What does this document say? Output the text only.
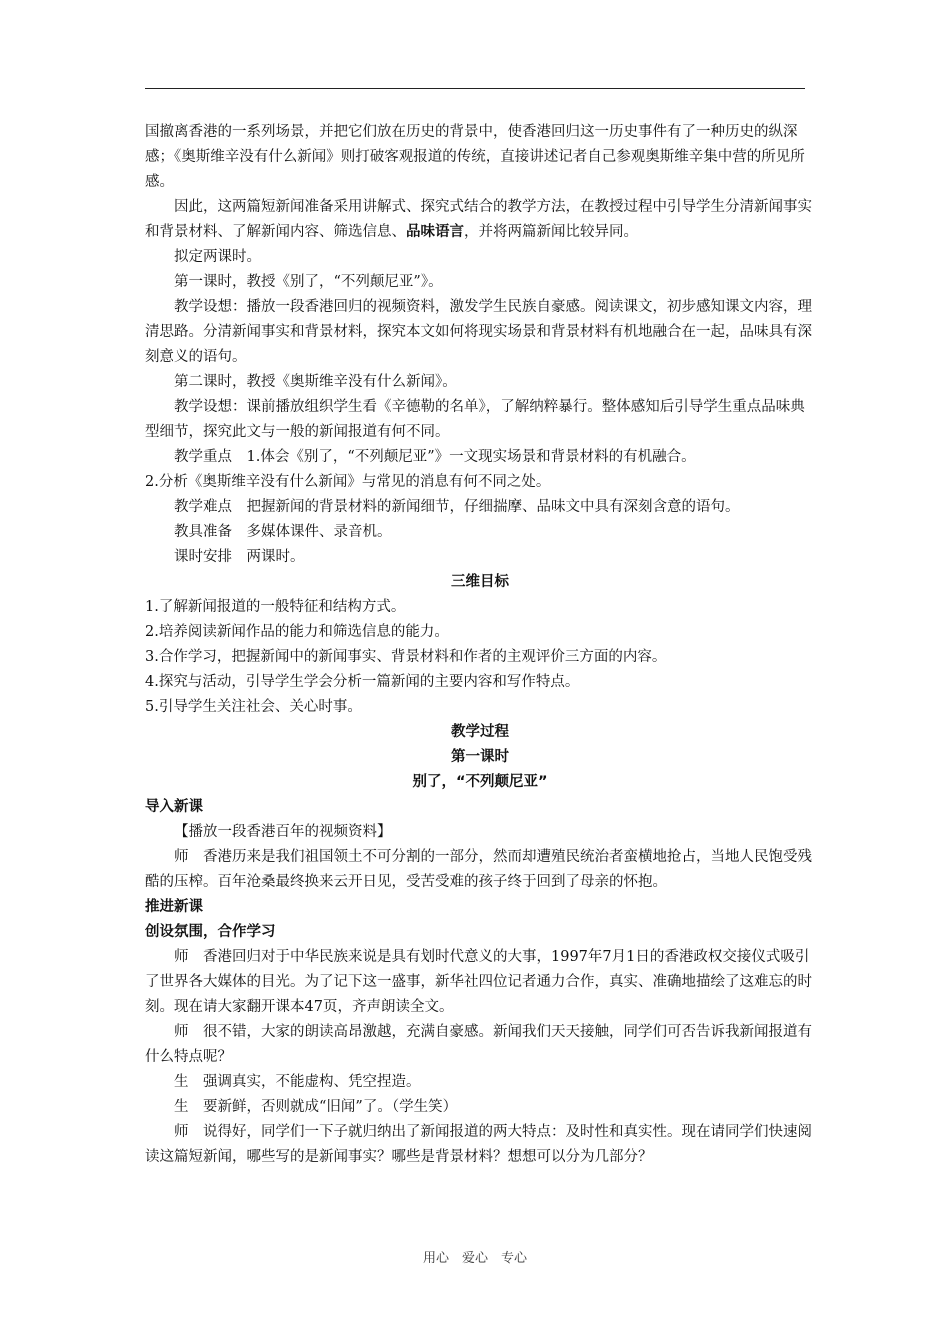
国撤离香港的一系列场景，并把它们放在历史的背景中，使香港回归这一历史事件有了一种历史的纵深感；《奥斯维辛没有什么新闻》则打破客观报道的传统，直接讲述记者自己参观奥斯维辛集中营的所见所感。

因此，这两篇短新闻准备采用讲解式、探究式结合的教学方法，在教授过程中引导学生分清新闻事实和背景材料、了解新闻内容、筛选信息、品味语言，并将两篇新闻比较异同。

拟定两课时。

第一课时，教授《别了，“不列颠尼亚”》。

教学设想：播放一段香港回归的视频资料，激发学生民族自豪感。阅读课文，初步感知课文内容，理清思路。分清新闻事实和背景材料，探究本文如何将现实场景和背景材料有机地融合在一起，品味具有深刻意义的语句。

第二课时，教授《奥斯维辛没有什么新闻》。

教学设想：课前播放组织学生看《辛德勒的名单》，了解纳粹暴行。整体感知后引导学生重点品味典型细节，探究此文与一般的新闻报道有何不同。

教学重点　1.体会《别了，“不列颠尼亚”》一文现实场景和背景材料的有机融合。

2.分析《奥斯维辛没有什么新闻》与常见的消息有何不同之处。

教学难点　把握新闻的背景材料的新闻细节，仔细揣摩、品味文中具有深刻含意的语句。

教具准备　多媒体课件、录音机。

课时安排　两课时。

三维目标

1.了解新闻报道的一般特征和结构方式。

2.培养阅读新闻作品的能力和筛选信息的能力。

3.合作学习，把握新闻中的新闻事实、背景材料和作者的主观评价三方面的内容。

4.探究与活动，引导学生学会分析一篇新闻的主要内容和写作特点。

5.引导学生关注社会、关心时事。

教学过程

第一课时

别了，“不列颠尼亚”

导入新课

【播放一段香港百年的视频资料】

师　香港历来是我们祖国领土不可分割的一部分，然而却遭殖民统治者蛮横地抢占，当地人民饱受残酷的压榨。百年沧桑最终换来云开日见，受苦受难的孩子终于回到了母亲的怀抱。

推进新课

创设氛围，合作学习

师　香港回归对于中华民族来说是具有划时代意义的大事，1997年7月1日的香港政权交接仪式吸引了世界各大媒体的目光。为了记下这一盛事，新华社四位记者通力合作，真实、准确地描绘了这难忘的时刻。现在请大家翻开课本47页，齐声朗读全文。

师　很不错，大家的朗读高昂激越，充满自豪感。新闻我们天天接触，同学们可否告诉我新闻报道有什么特点呢？

生　强调真实，不能虚构、凭空捏造。

生　要新鲜，否则就成“旧闻”了。（学生笑）

师　说得好，同学们一下子就归纳出了新闻报道的两大特点：及时性和真实性。现在请同学们快速阅读这篇短新闻，哪些写的是新闻事实？哪些是背景材料？想想可以分为几部分？

用心　爱心　专心
